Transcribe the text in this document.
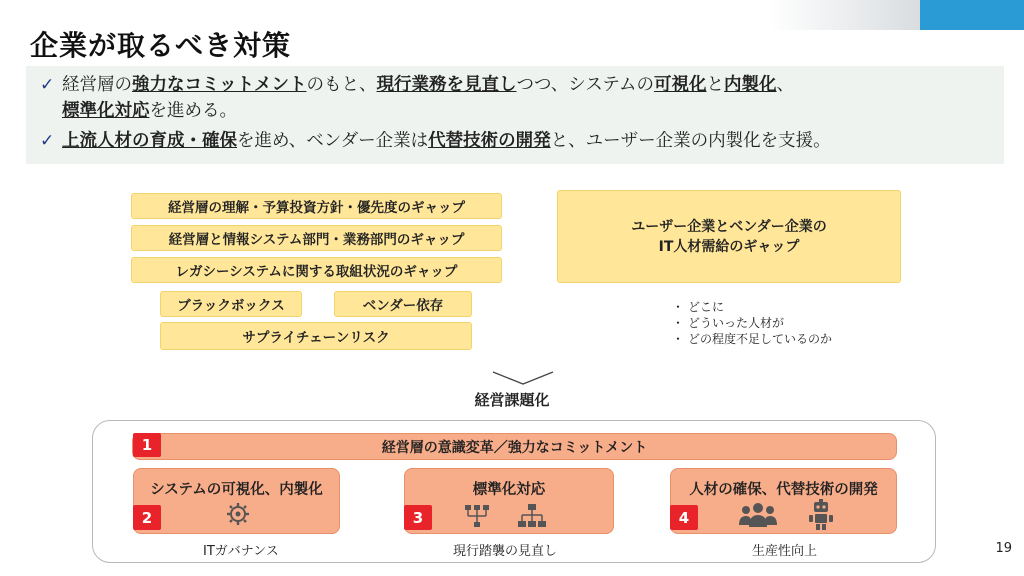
企業が取るべき対策
✓ 経営層の強力なコミットメントのもと、現行業務を見直しつつ、システムの可視化と内製化、
標準化対応を進める。
✓ 上流人材の育成・確保を進め、ベンダー企業は代替技術の開発と、ユーザー企業の内製化を支援。
経営層の理解・予算投資方針・優先度のギャップ
経営層と情報システム部門・業務部門のギャップ
レガシーシステムに関する取組状況のギャップ
ブラックボックス	ベンダー依存
サプライチェーンリスク
ユーザー企業とベンダー企業の
IT人材需給のギャップ
・ どこに
・ どういった人材が
・ どの程度不足しているのか
経営課題化
経営層の意識変革／強力なコミットメント
1
システムの可視化、内製化
2
標準化対応
3
人材の確保、代替技術の開発
4
ITガバナンス	現行踏襲の見直し	生産性向上	19
